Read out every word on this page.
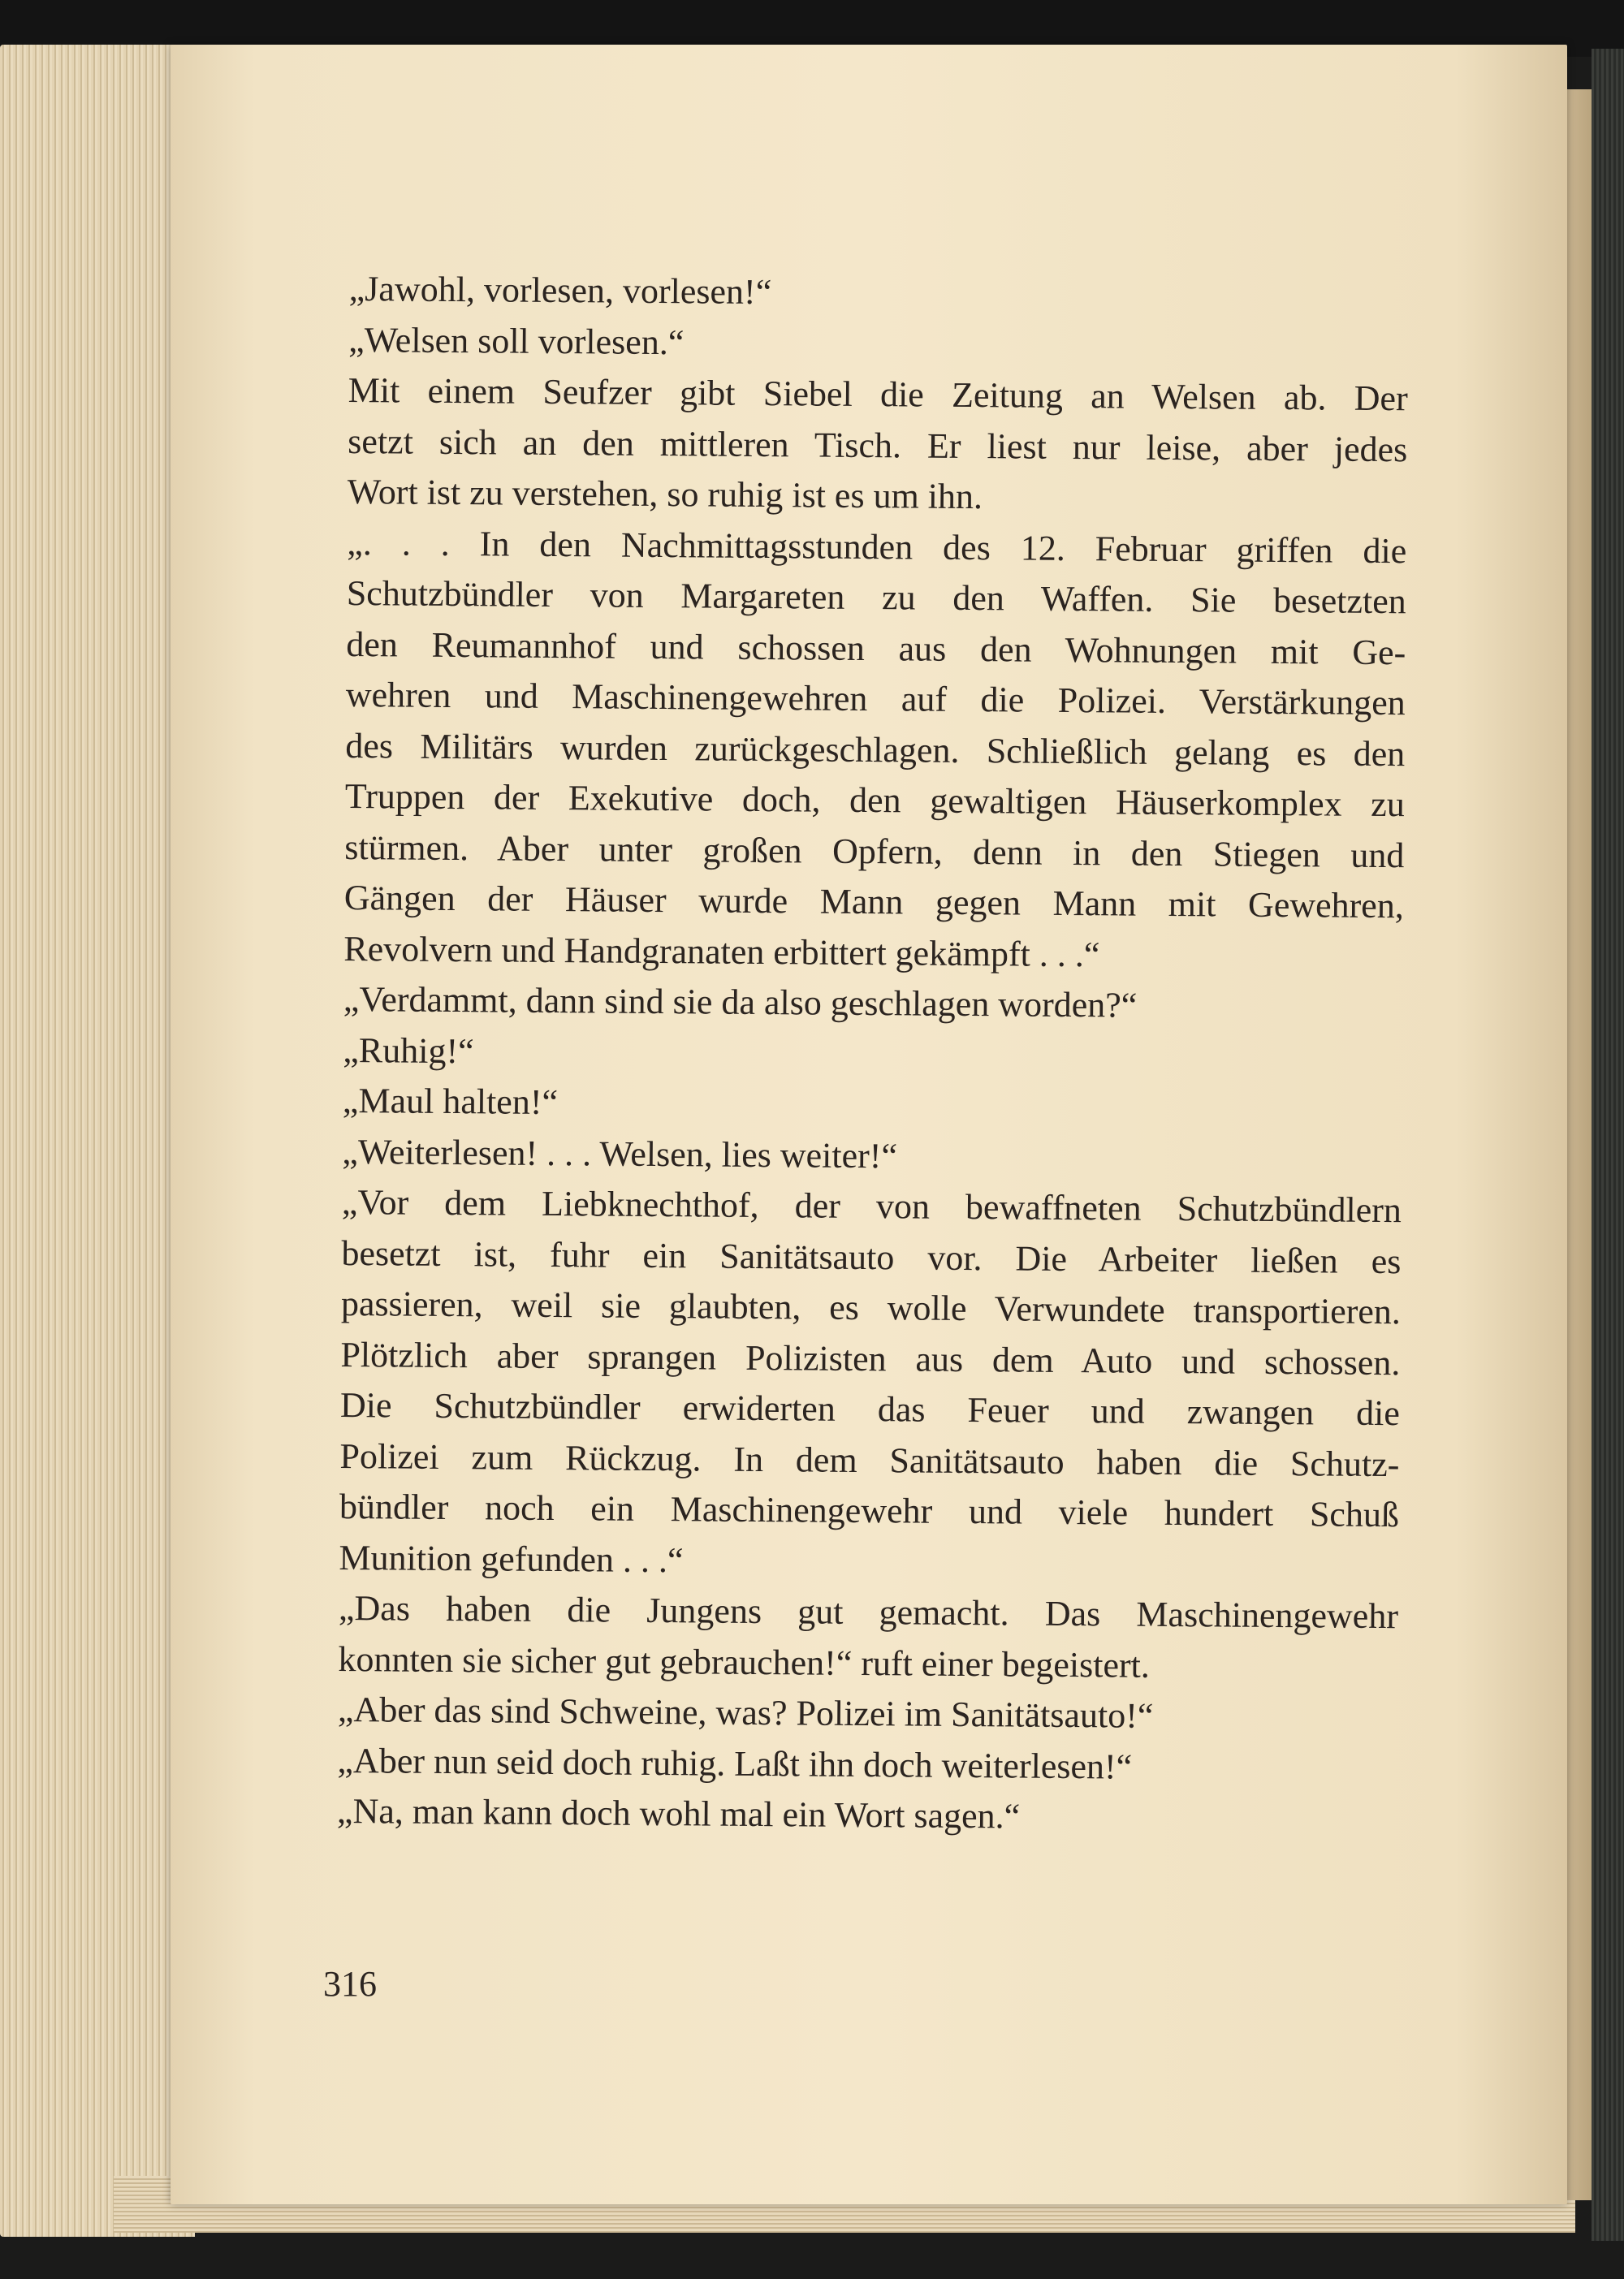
„Jawohl, vorlesen, vorlesen!“
„Welsen soll vorlesen.“
Mit einem Seufzer gibt Siebel die Zeitung an Welsen ab. Der
setzt sich an den mittleren Tisch. Er liest nur leise, aber jedes
Wort ist zu verstehen, so ruhig ist es um ihn.
„. . . In den Nachmittagsstunden des 12. Februar griffen die
Schutzbündler von Margareten zu den Waffen. Sie besetzten
den Reumannhof und schossen aus den Wohnungen mit Ge-
wehren und Maschinengewehren auf die Polizei. Verstärkungen
des Militärs wurden zurückgeschlagen. Schließlich gelang es den
Truppen der Exekutive doch, den gewaltigen Häuserkomplex zu
stürmen. Aber unter großen Opfern, denn in den Stiegen und
Gängen der Häuser wurde Mann gegen Mann mit Gewehren,
Revolvern und Handgranaten erbittert gekämpft . . .“
„Verdammt, dann sind sie da also geschlagen worden?“
„Ruhig!“
„Maul halten!“
„Weiterlesen! . . . Welsen, lies weiter!“
„Vor dem Liebknechthof, der von bewaffneten Schutzbündlern
besetzt ist, fuhr ein Sanitätsauto vor. Die Arbeiter ließen es
passieren, weil sie glaubten, es wolle Verwundete transportieren.
Plötzlich aber sprangen Polizisten aus dem Auto und schossen.
Die Schutzbündler erwiderten das Feuer und zwangen die
Polizei zum Rückzug. In dem Sanitätsauto haben die Schutz-
bündler noch ein Maschinengewehr und viele hundert Schuß
Munition gefunden . . .“
„Das haben die Jungens gut gemacht. Das Maschinengewehr
konnten sie sicher gut gebrauchen!“ ruft einer begeistert.
„Aber das sind Schweine, was? Polizei im Sanitätsauto!“
„Aber nun seid doch ruhig. Laßt ihn doch weiterlesen!“
„Na, man kann doch wohl mal ein Wort sagen.“
316
